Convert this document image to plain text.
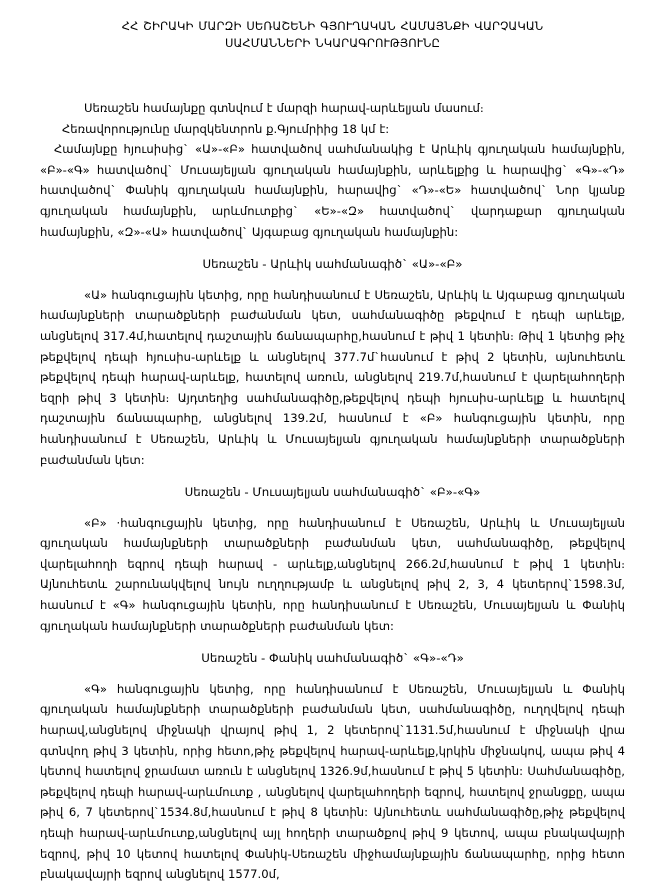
ՀՀ ՇԻՐԱԿԻ ՄԱՐԶԻ ՍԵՌԱՇԵՆԻ ԳՅՈՒՂԱԿԱՆ ՀԱՄԱՅՆՔԻ ՎԱՐՉԱԿԱՆ
ՍԱՀՄԱՆՆԵՐԻ ՆԿԱՐԱԳՐՈՒԹՅՈՒՆԸ

Սեռաշեն համայնքը գտնվում է մարզի հարավ-արևելյան մասում։

Հեռավորությունը մարզկենտրոն ք.Գյումրիից 18 կմ է:

Համայնքը հյուսիսից` «Ա»-«Բ» հատվածով սահմանակից է Արևիկ գյուղական համայնքին, «Բ»-«Գ» հատվածով` Մուսայելյան գյուղական համայնքին, արևելքից և հարավից` «Գ»-«Դ» հատվածով` Փանիկ գյուղական համայնքին, հարավից` «Դ»-«Ե» հատվածով` Նոր կյանք գյուղական համայնքին, արևմուտքից` «Ե»-«Զ» հատվածով` վարդաքար գյուղական համայնքին, «Զ»-«Ա» հատվածով` Այգաբաց գյուղական համայնքին:

Սեռաշեն - Արևիկ սահմանագիծ` «Ա»-«Բ»

«Ա» հանգուցային կետից, որը հանդիսանում է Սեռաշեն, Արևիկ և Այգաբաց գյուղական համայնքների տարածքների բաժանման կետ, սահմանագիծը թեքվում է դեպի արևելք, անցնելով 317.4մ,հատելով դաշտային ճանապարհը,հասնում է թիվ 1 կետին։ Թիվ 1 կետից թիչ թեքվելով դեպի հյուսիս-արևելք և անցնելով 377.7մ`հասնում է թիվ 2 կետին, այնուհետև թեքվելով դեպի հարավ-արևելք, հատելով առուն, անցնելով 219.7մ,հասնում է վարելահողերի եզրի թիվ 3 կետին։ Այդտեղից սահմանագիծը,թեքվելով դեպի հյուսիս-արևելք և հատելով դաշտային ճանապարհը, անցնելով 139.2մ, հասնում է «Բ» հանգուցային կետին, որը հանդիսանում է Սեռաշեն, Արևիկ և Մուսայելյան գյուղական համայնքների տարածքների բաժանման կետ:

Սեռաշեն - Մուսայելյան սահմանագիծ` «Բ»-«Գ»

«Բ» ·հանգուցային կետից, որը հանդիսանում է Սեռաշեն, Արևիկ և Մուսայելյան գյուղական համայնքների տարածքների բաժանման կետ, սահմանագիծը, թեքվելով վարելահողի եզրով դեպի հարավ - արևելք,անցնելով 266.2մ,հասնում է թիվ 1 կետին։ Այնուհետև շարունակվելով նույն ուղղությամբ և անցնելով թիվ 2, 3, 4 կետերով`1598.3մ, հասնում է «Գ» հանգուցային կետին, որը հանդիսանում է Սեռաշեն, Մուսայելյան և Փանիկ գյուղական համայնքների տարածքների բաժանման կետ:

Սեռաշեն - Փանիկ սահմանագիծ` «Գ»-«Դ»

«Գ» հանգուցային կետից, որը հանդիսանում է Սեռաշեն, Մուսայելյան և Փանիկ գյուղական համայնքների տարածքների բաժանման կետ, սահմանագիծը, ուղղվելով դեպի հարավ,անցնելով միջնակի վրայով թիվ 1, 2 կետերով`1131.5մ,հասնում է միջնակի վրա գտնվող թիվ 3 կետին, որից հետո,թիչ թեքվելով հարավ-արևելք,կրկին միջնակով, ապա թիվ 4 կետով հատելով ջրամատ առուն է անցնելով 1326.9մ,հասնում է թիվ 5 կետին: Սահմանագիծը, թեքվելով դեպի հարավ-արևմուտք , անցնելով վարելահողերի եզրով, հատելով ջրանցքը, ապա թիվ 6, 7 կետերով`1534.8մ,հասնում է թիվ 8 կետին: Այնուհետև սահմանագիծը,թիչ թեքվելով դեպի հարավ-արևմուտք,անցնելով այլ հողերի տարածքով թիվ 9 կետով, ապա բնակավայրի եզրով, թիվ 10 կետով հատելով Փանիկ-Սեռաշեն միջհամայնքային ճանապարհը, որից հետո բնակավայրի եզրով անցնելով 1577.0մ,
